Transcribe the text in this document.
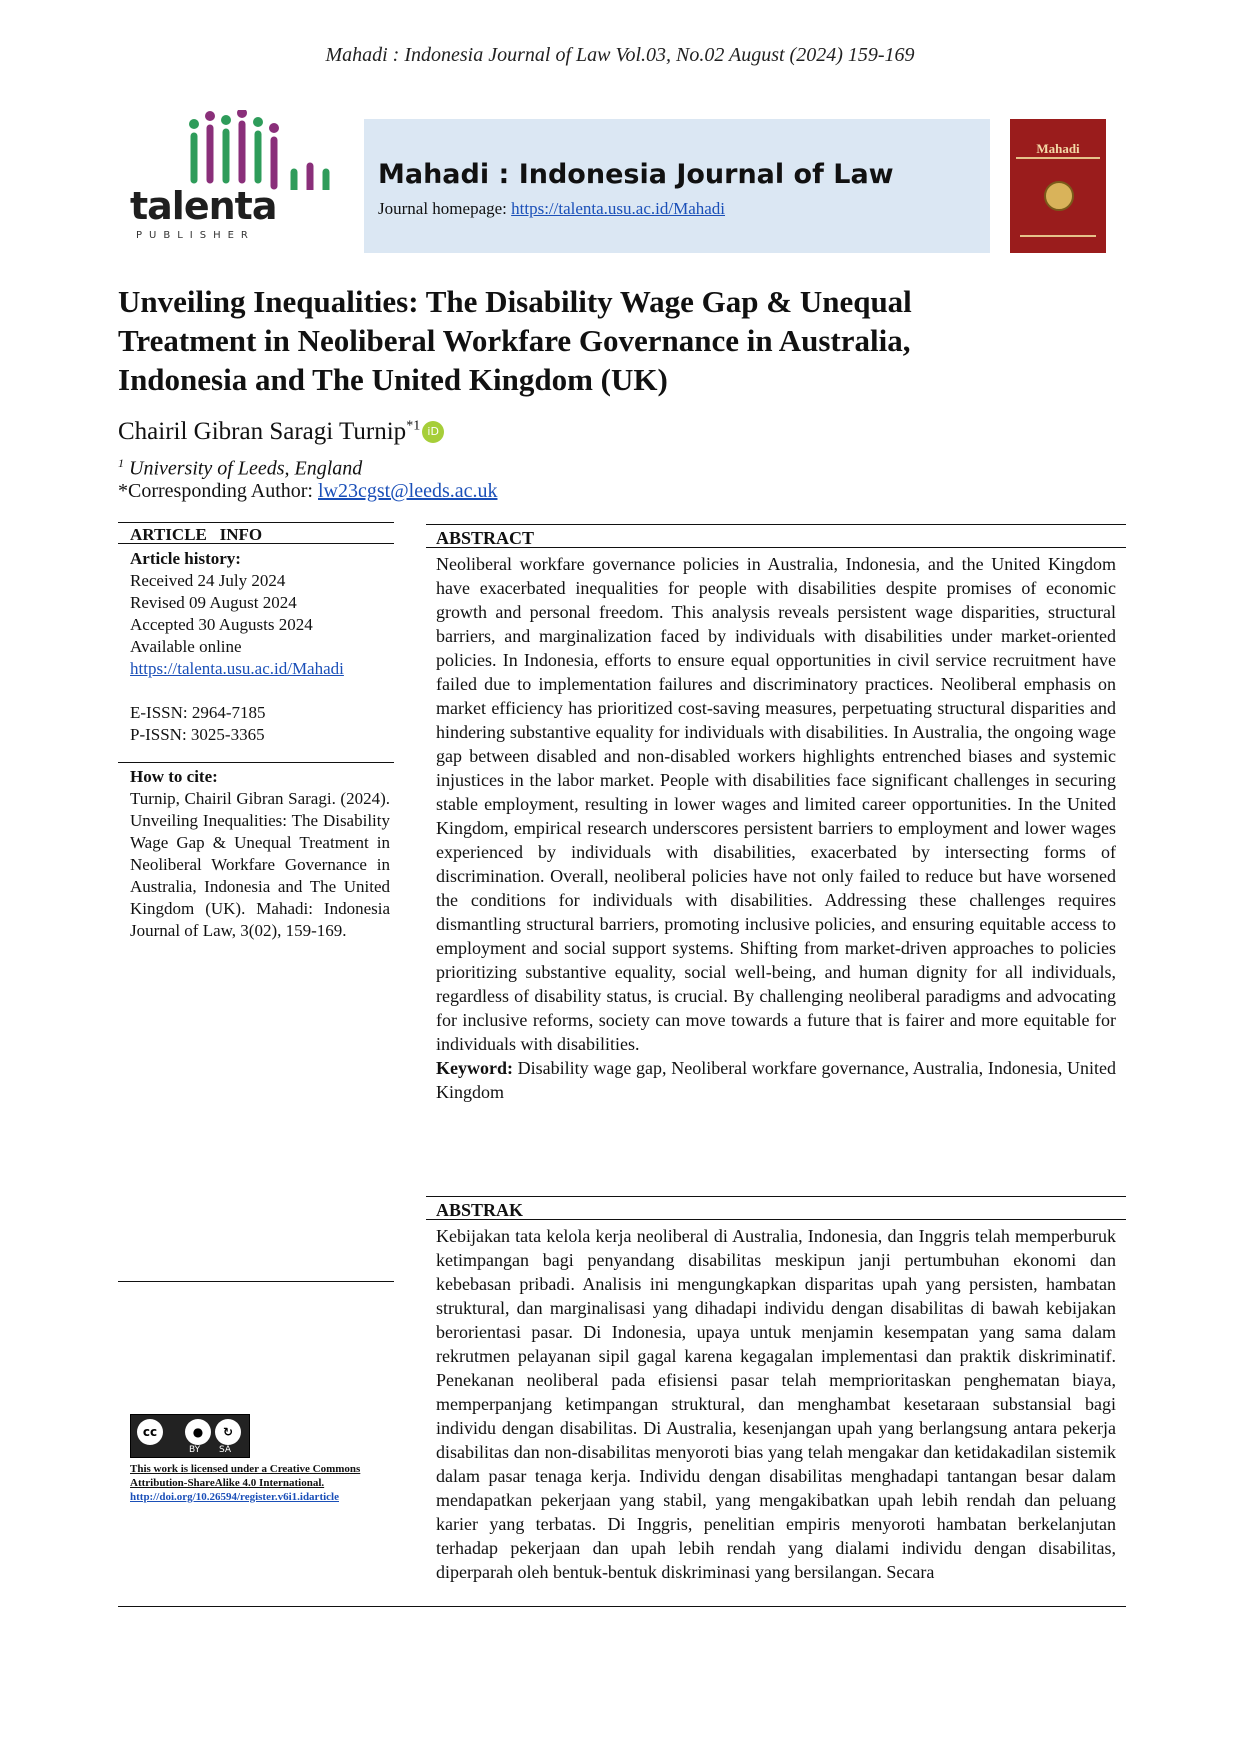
Mahadi : Indonesia Journal of Law Vol.03, No.02 August (2024) 159-169
talenta
PUBLISHER
Mahadi : Indonesia Journal of Law
Journal homepage: https://talenta.usu.ac.id/Mahadi
Mahadi
Unveiling Inequalities: The Disability Wage Gap & Unequal Treatment in Neoliberal Workfare Governance in Australia, Indonesia and The United Kingdom (UK)
Chairil Gibran Saragi Turnip$^{*1}$ iD
$^1$ University of Leeds, England
*Corresponding Author: lw23cgst@leeds.ac.uk
ARTICLE   INFO
Article history:
Received 24 July 2024
Revised 09 August 2024
Accepted 30 Augusts 2024
Available online
https://talenta.usu.ac.id/Mahadi
E-ISSN: 2964-7185
P-ISSN: 3025-3365
How to cite:
Turnip, Chairil Gibran Saragi. (2024). Unveiling Inequalities: The Disability Wage Gap & Unequal Treatment in Neoliberal Workfare Governance in Australia, Indonesia and The United Kingdom (UK). Mahadi: Indonesia Journal of Law, 3(02), 159-169.
cc	●	↻
BY SA
This work is licensed under a Creative Commons Attribution-ShareAlike 4.0 International.
http://doi.org/10.26594/register.v6i1.idarticle
ABSTRACT
Neoliberal workfare governance policies in Australia, Indonesia, and the United Kingdom have exacerbated inequalities for people with disabilities despite promises of economic growth and personal freedom. This analysis reveals persistent wage disparities, structural barriers, and marginalization faced by individuals with disabilities under market-oriented policies. In Indonesia, efforts to ensure equal opportunities in civil service recruitment have failed due to implementation failures and discriminatory practices. Neoliberal emphasis on market efficiency has prioritized cost-saving measures, perpetuating structural disparities and hindering substantive equality for individuals with disabilities. In Australia, the ongoing wage gap between disabled and non-disabled workers highlights entrenched biases and systemic injustices in the labor market. People with disabilities face significant challenges in securing stable employment, resulting in lower wages and limited career opportunities. In the United Kingdom, empirical research underscores persistent barriers to employment and lower wages experienced by individuals with disabilities, exacerbated by intersecting forms of discrimination. Overall, neoliberal policies have not only failed to reduce but have worsened the conditions for individuals with disabilities. Addressing these challenges requires dismantling structural barriers, promoting inclusive policies, and ensuring equitable access to employment and social support systems. Shifting from market-driven approaches to policies prioritizing substantive equality, social well-being, and human dignity for all individuals, regardless of disability status, is crucial. By challenging neoliberal paradigms and advocating for inclusive reforms, society can move towards a future that is fairer and more equitable for individuals with disabilities.
Keyword: Disability wage gap, Neoliberal workfare governance, Australia, Indonesia, United Kingdom
ABSTRAK
Kebijakan tata kelola kerja neoliberal di Australia, Indonesia, dan Inggris telah memperburuk ketimpangan bagi penyandang disabilitas meskipun janji pertumbuhan ekonomi dan kebebasan pribadi. Analisis ini mengungkapkan disparitas upah yang persisten, hambatan struktural, dan marginalisasi yang dihadapi individu dengan disabilitas di bawah kebijakan berorientasi pasar. Di Indonesia, upaya untuk menjamin kesempatan yang sama dalam rekrutmen pelayanan sipil gagal karena kegagalan implementasi dan praktik diskriminatif. Penekanan neoliberal pada efisiensi pasar telah memprioritaskan penghematan biaya, memperpanjang ketimpangan struktural, dan menghambat kesetaraan substansial bagi individu dengan disabilitas. Di Australia, kesenjangan upah yang berlangsung antara pekerja disabilitas dan non-disabilitas menyoroti bias yang telah mengakar dan ketidakadilan sistemik dalam pasar tenaga kerja. Individu dengan disabilitas menghadapi tantangan besar dalam mendapatkan pekerjaan yang stabil, yang mengakibatkan upah lebih rendah dan peluang karier yang terbatas. Di Inggris, penelitian empiris menyoroti hambatan berkelanjutan terhadap pekerjaan dan upah lebih rendah yang dialami individu dengan disabilitas, diperparah oleh bentuk-bentuk diskriminasi yang bersilangan. Secara
